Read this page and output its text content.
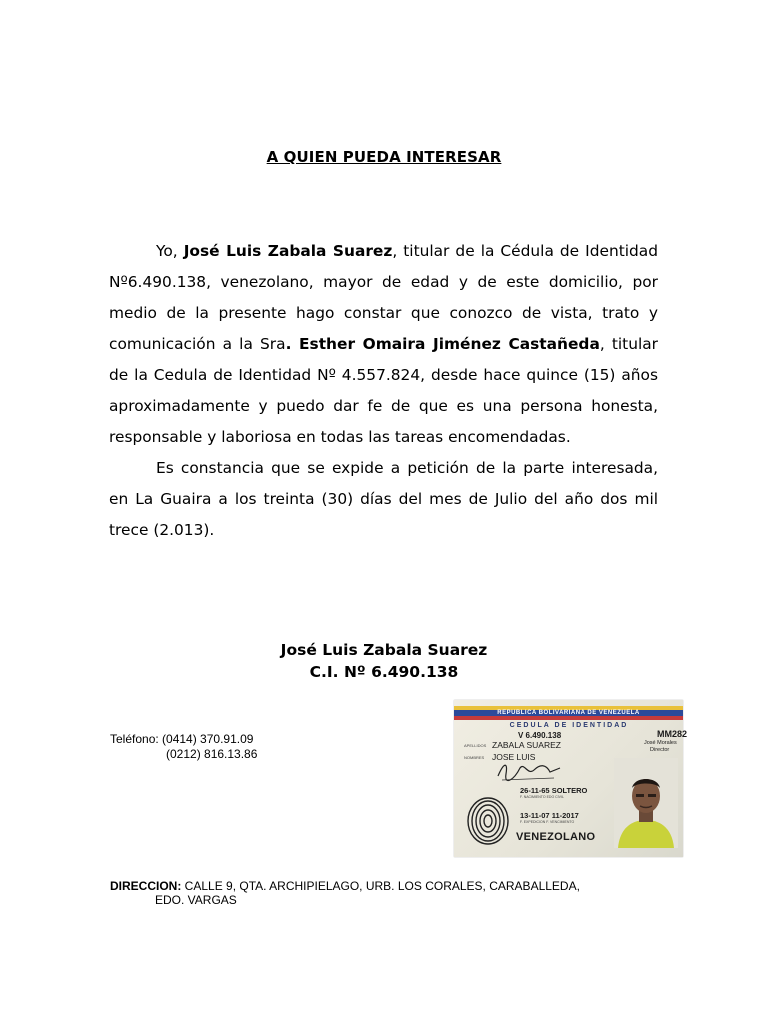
A QUIEN PUEDA INTERESAR

Yo, José Luis Zabala Suarez, titular de la Cédula de Identidad Nº6.490.138, venezolano, mayor de edad y de este domicilio, por medio de la presente hago constar que conozco de vista, trato y comunicación a la Sra. Esther Omaira Jiménez Castañeda, titular de la Cedula de Identidad Nº 4.557.824, desde hace quince (15) años aproximadamente y puedo dar fe de que es una persona honesta, responsable y laboriosa en todas las tareas encomendadas.

Es constancia que se expide a petición de la parte interesada, en La Guaira a los treinta (30) días del mes de Julio del año dos mil trece (2.013).

José Luis Zabala Suarez
C.I. Nº 6.490.138
Teléfono: (0414) 370.91.09
(0212) 816.13.86
REPUBLICA BOLIVARIANA DE VENEZUELA
CEDULA DE IDENTIDAD
V 6.490.138	MM282
APELLIDOS ZABALA SUAREZ
NOMBRES JOSE LUIS
José Morales
Director
26-11-65 SOLTERO
F. NACIMIENTO EDO CIVIL
13-11-07 11-2017
F. EXPEDICION F. VENCIMIENTO
VENEZOLANO
DIRECCION: CALLE 9, QTA. ARCHIPIELAGO, URB. LOS CORALES, CARABALLEDA,
EDO. VARGAS
